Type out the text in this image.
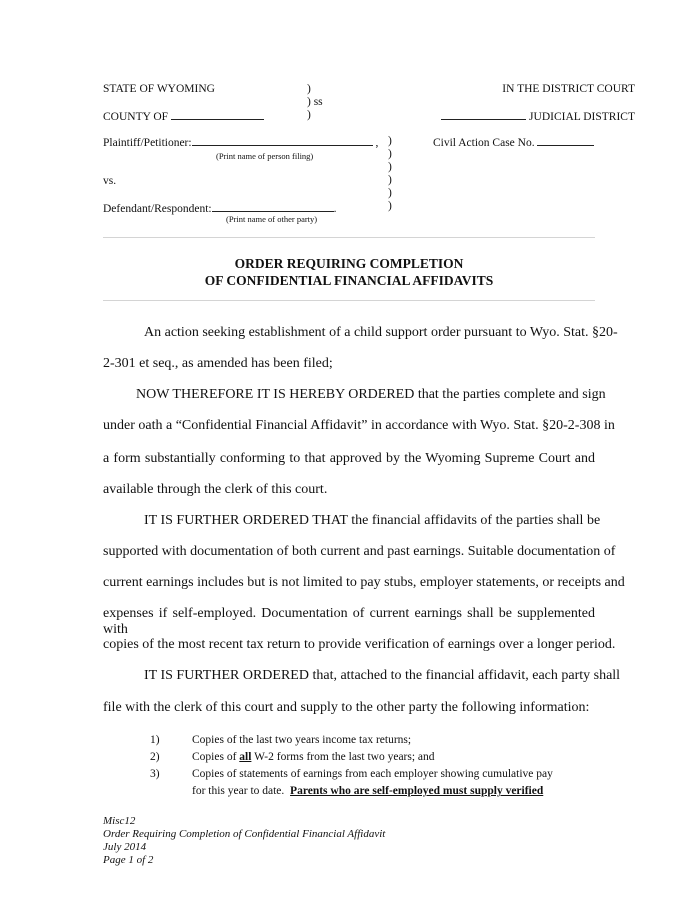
STATE OF WYOMING	)
) ss
)
IN THE DISTRICT COURT
COUNTY OF	JUDICIAL DISTRICT
Plaintiff/Petitioner:	,
(Print name of person filing)
vs.
Defendant/Respondent:	.
(Print name of other party)
)
)
)
)
)
)
Civil Action Case No.
ORDER REQUIRING COMPLETION
OF CONFIDENTIAL FINANCIAL AFFIDAVITS
An action seeking establishment of a child support order pursuant to Wyo. Stat. §20-
2-301 et seq., as amended has been filed;
NOW THEREFORE IT IS HEREBY ORDERED that the parties complete and sign
under oath a “Confidential Financial Affidavit” in accordance with Wyo. Stat. §20-2-308 in
a form substantially conforming to that approved by the Wyoming Supreme Court and
available through the clerk of this court.
IT IS FURTHER ORDERED THAT the financial affidavits of the parties shall be
supported with documentation of both current and past earnings. Suitable documentation of
current earnings includes but is not limited to pay stubs, employer statements, or receipts and
expenses if self-employed. Documentation of current earnings shall be supplemented with
copies of the most recent tax return to provide verification of earnings over a longer period.
IT IS FURTHER ORDERED that, attached to the financial affidavit, each party shall
file with the clerk of this court and supply to the other party the following information:
1)	Copies of the last two years income tax returns;
2)	Copies of all W-2 forms from the last two years; and
3)	Copies of statements of earnings from each employer showing cumulative pay
for this year to date.  Parents who are self-employed must supply verified
Misc12
Order Requiring Completion of Confidential Financial Affidavit
July 2014
Page 1 of 2
